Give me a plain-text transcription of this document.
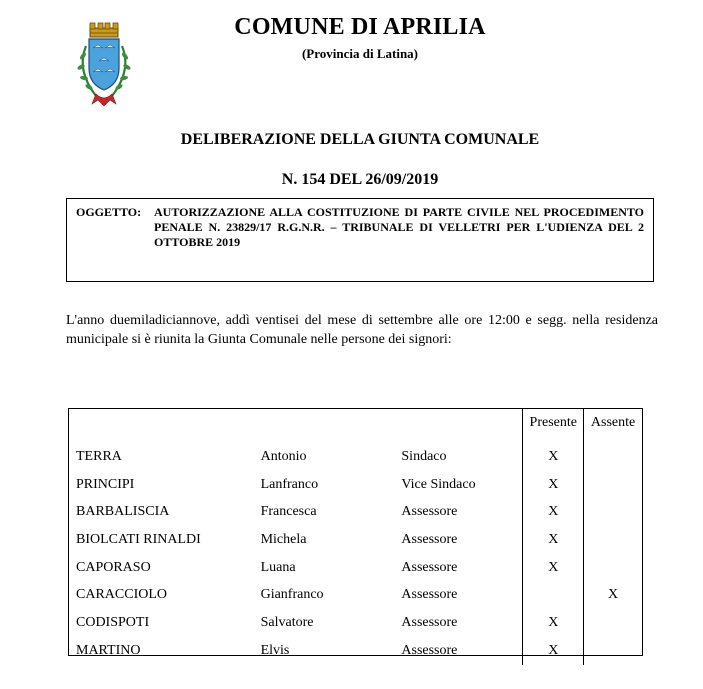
COMUNE DI APRILIA
(Provincia di Latina)
DELIBERAZIONE DELLA GIUNTA COMUNALE
N. 154 DEL 26/09/2019
OGGETTO: AUTORIZZAZIONE ALLA COSTITUZIONE DI PARTE CIVILE NEL PROCEDIMENTO PENALE N. 23829/17 R.G.N.R. – TRIBUNALE DI VELLETRI PER L'UDIENZA DEL 2 OTTOBRE 2019
L'anno duemiladiciannove, addì ventisei del mese di settembre alle ore 12:00 e segg. nella residenza municipale si è riunita la Giunta Comunale nelle persone dei signori:
			Presente	Assente
TERRA	Antonio	Sindaco	X	
PRINCIPI	Lanfranco	Vice Sindaco	X	
BARBALISCIA	Francesca	Assessore	X	
BIOLCATI RINALDI	Michela	Assessore	X	
CAPORASO	Luana	Assessore	X	
CARACCIOLO	Gianfranco	Assessore		X
CODISPOTI	Salvatore	Assessore	X	
MARTINO	Elvis	Assessore	X	
